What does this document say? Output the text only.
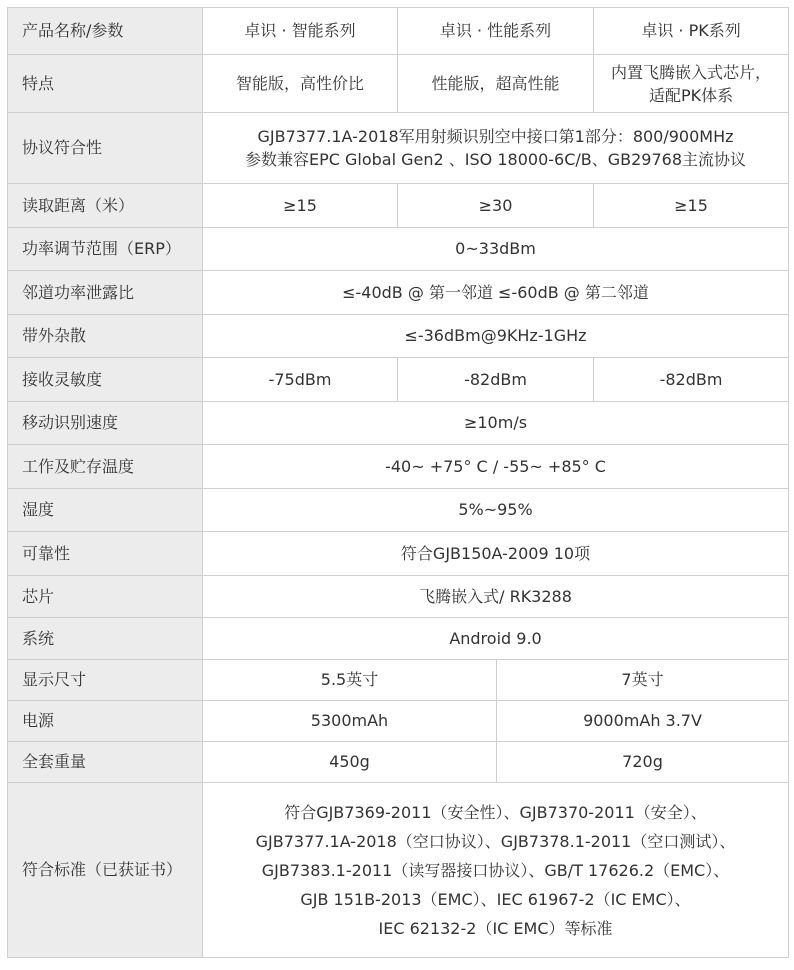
产品名称/参数	卓识 · 智能系列	卓识 · 性能系列		卓识 · PK系列
特点	智能版，高性价比	性能版，超高性能		内置飞腾嵌入式芯片，
适配PK体系

协议符合性	GJB7377.1A-2018军用射频识别空中接口第1部分：800/900MHz
参数兼容EPC Global Gen2 、ISO 18000-6C/B、GB29768主流协议			

读取距离（米）	≥15	≥30		≥15
功率调节范围（ERP）	0~33dBm			
邻道功率泄露比	≤-40dB @ 第一邻道 ≤-60dB @ 第二邻道			
带外杂散	≤-36dBm@9KHz-1GHz			
接收灵敏度	-75dBm	-82dBm		-82dBm
移动识别速度	≥10m/s			
工作及贮存温度	-40~ +75° C / -55~ +85° C			
湿度	5%~95%			
可靠性	符合GJB150A-2009 10项			
芯片	飞腾嵌入式/ RK3288			
系统	Android 9.0			
显示尺寸	5.5英寸		7英寸	
电源	5300mAh		9000mAh 3.7V	
全套重量	450g		720g	
符合标准（已获证书）	符合GJB7369-2011（安全性）、GJB7370-2011（安全）、
GJB7377.1A-2018（空口协议）、GJB7378.1-2011（空口测试）、
GJB7383.1-2011（读写器接口协议）、GB/T 17626.2（EMC）、
GJB 151B-2013（EMC）、IEC 61967-2（IC EMC）、
IEC 62132-2（IC EMC）等标准			
